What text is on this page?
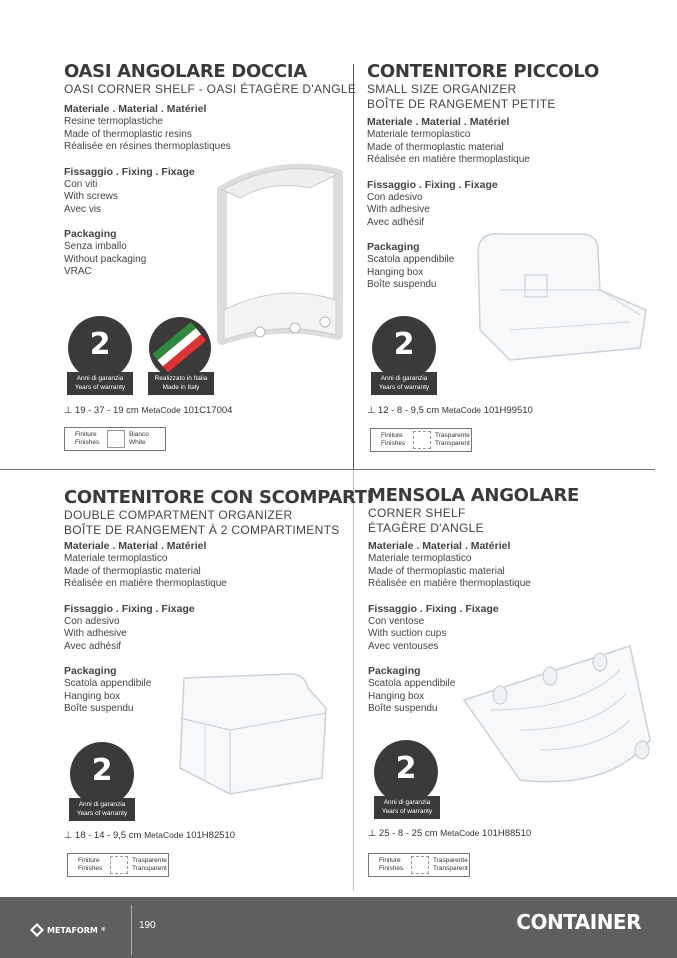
OASI ANGOLARE DOCCIA
OASI CORNER SHELF - OASI ÉTAGÈRE D'ANGLE
Materiale . Material . Matériel
Resine termoplastiche
Made of thermoplastic resins
Réalisée en résines thermoplastiques
Fissaggio . Fixing . Fixage
Con viti
With screws
Avec vis
Packaging
Senza imballo
Without packaging
VRAC
2
Anni di garanzia
Years of warranty
Realizzato in Italia
Made in Italy
⊥ 19 - 37 - 19 cm MetaCode 101C17004
Finiture
Finishes
Bianco
White
CONTENITORE PICCOLO
SMALL SIZE ORGANIZER
BOÎTE DE RANGEMENT PETITE
Materiale . Material . Matériel
Materiale termoplastico
Made of thermoplastic material
Réalisée en matière thermoplastique
Fissaggio . Fixing . Fixage
Con adesivo
With adhesive
Avec adhésif
Packaging
Scatola appendibile
Hanging box
Boîte suspendu
2
Anni di garanzia
Years of warranty
⊥ 12 - 8 - 9,5 cm MetaCode 101H99510
Finiture
Finishes
Trasparente
Transparent
CONTENITORE CON SCOMPARTI
DOUBLE COMPARTMENT ORGANIZER
BOÎTE DE RANGEMENT À 2 COMPARTIMENTS
Materiale . Material . Matériel
Materiale termoplastico
Made of thermoplastic material
Réalisée en matière thermoplastique
Fissaggio . Fixing . Fixage
Con adesivo
With adhesive
Avec adhésif
Packaging
Scatola appendibile
Hanging box
Boîte suspendu
2
Anni di garanzia
Years of warranty
⊥ 18 - 14 - 9,5 cm MetaCode 101H82510
Finiture
Finishes
Trasparente
Transparent
MENSOLA ANGOLARE
CORNER SHELF
ÉTAGÈRE D'ANGLE
Materiale . Material . Matériel
Materiale termoplastico
Made of thermoplastic material
Réalisée en matière thermoplastique
Fissaggio . Fixing . Fixage
Con ventose
With suction cups
Avec ventouses
Packaging
Scatola appendibile
Hanging box
Boîte suspendu
2
Anni di garanzia
Years of warranty
⊥ 25 - 8 - 25 cm MetaCode 101H88510
Finiture
Finishes
Trasparente
Transparent
METAFORM ®	190	CONTAINER
